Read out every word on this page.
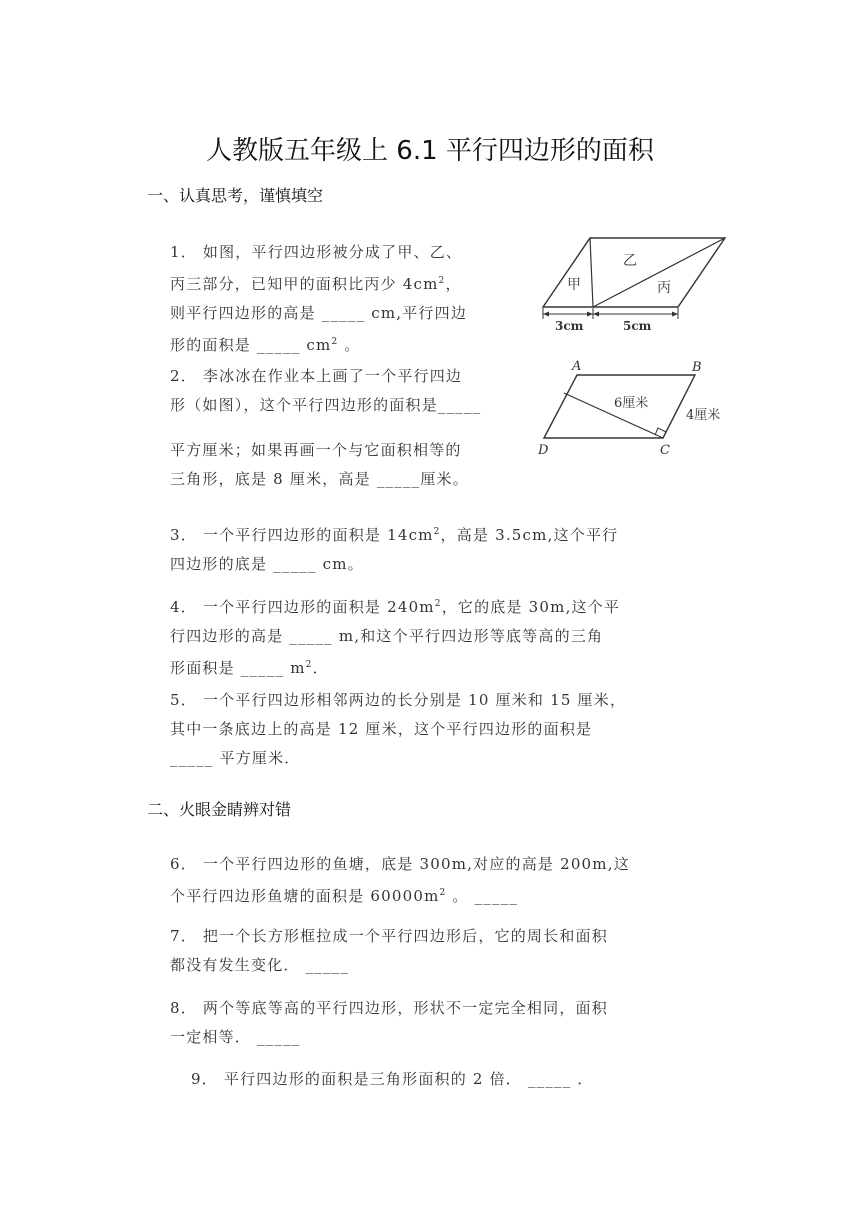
人教版五年级上 6.1 平行四边形的面积
一、认真思考，谨慎填空
1． 如图，平行四边形被分成了甲、乙、
丙三部分，已知甲的面积比丙少 $4cm^2$，
则平行四边形的高是 _____ cm,平行四边
形的面积是 _____ $cm^2$ 。
甲
乙
丙
3cm	5cm
2． 李冰冰在作业本上画了一个平行四边
形（如图），这个平行四边形的面积是_____
平方厘米；如果再画一个与它面积相等的
三角形，底是 8 厘米，高是 _____厘米。
A	B
C
D
6厘米
4厘米
3． 一个平行四边形的面积是 $14cm^2$，高是 3.5cm,这个平行
四边形的底是 _____ cm。
4． 一个平行四边形的面积是 $240m^2$，它的底是 30m,这个平
行四边形的高是 _____ m,和这个平行四边形等底等高的三角
形面积是 _____ $m^2$．
5． 一个平行四边形相邻两边的长分别是 10 厘米和 15 厘米，
其中一条底边上的高是 12 厘米，这个平行四边形的面积是
_____ 平方厘米．
二、火眼金睛辨对错
6． 一个平行四边形的鱼塘，底是 300m,对应的高是 200m,这
个平行四边形鱼塘的面积是 $60000m^2$ 。 _____
7． 把一个长方形框拉成一个平行四边形后，它的周长和面积
都没有发生变化． _____
8． 两个等底等高的平行四边形，形状不一定完全相同，面积
一定相等． _____
9． 平行四边形的面积是三角形面积的 2 倍． _____ ．
